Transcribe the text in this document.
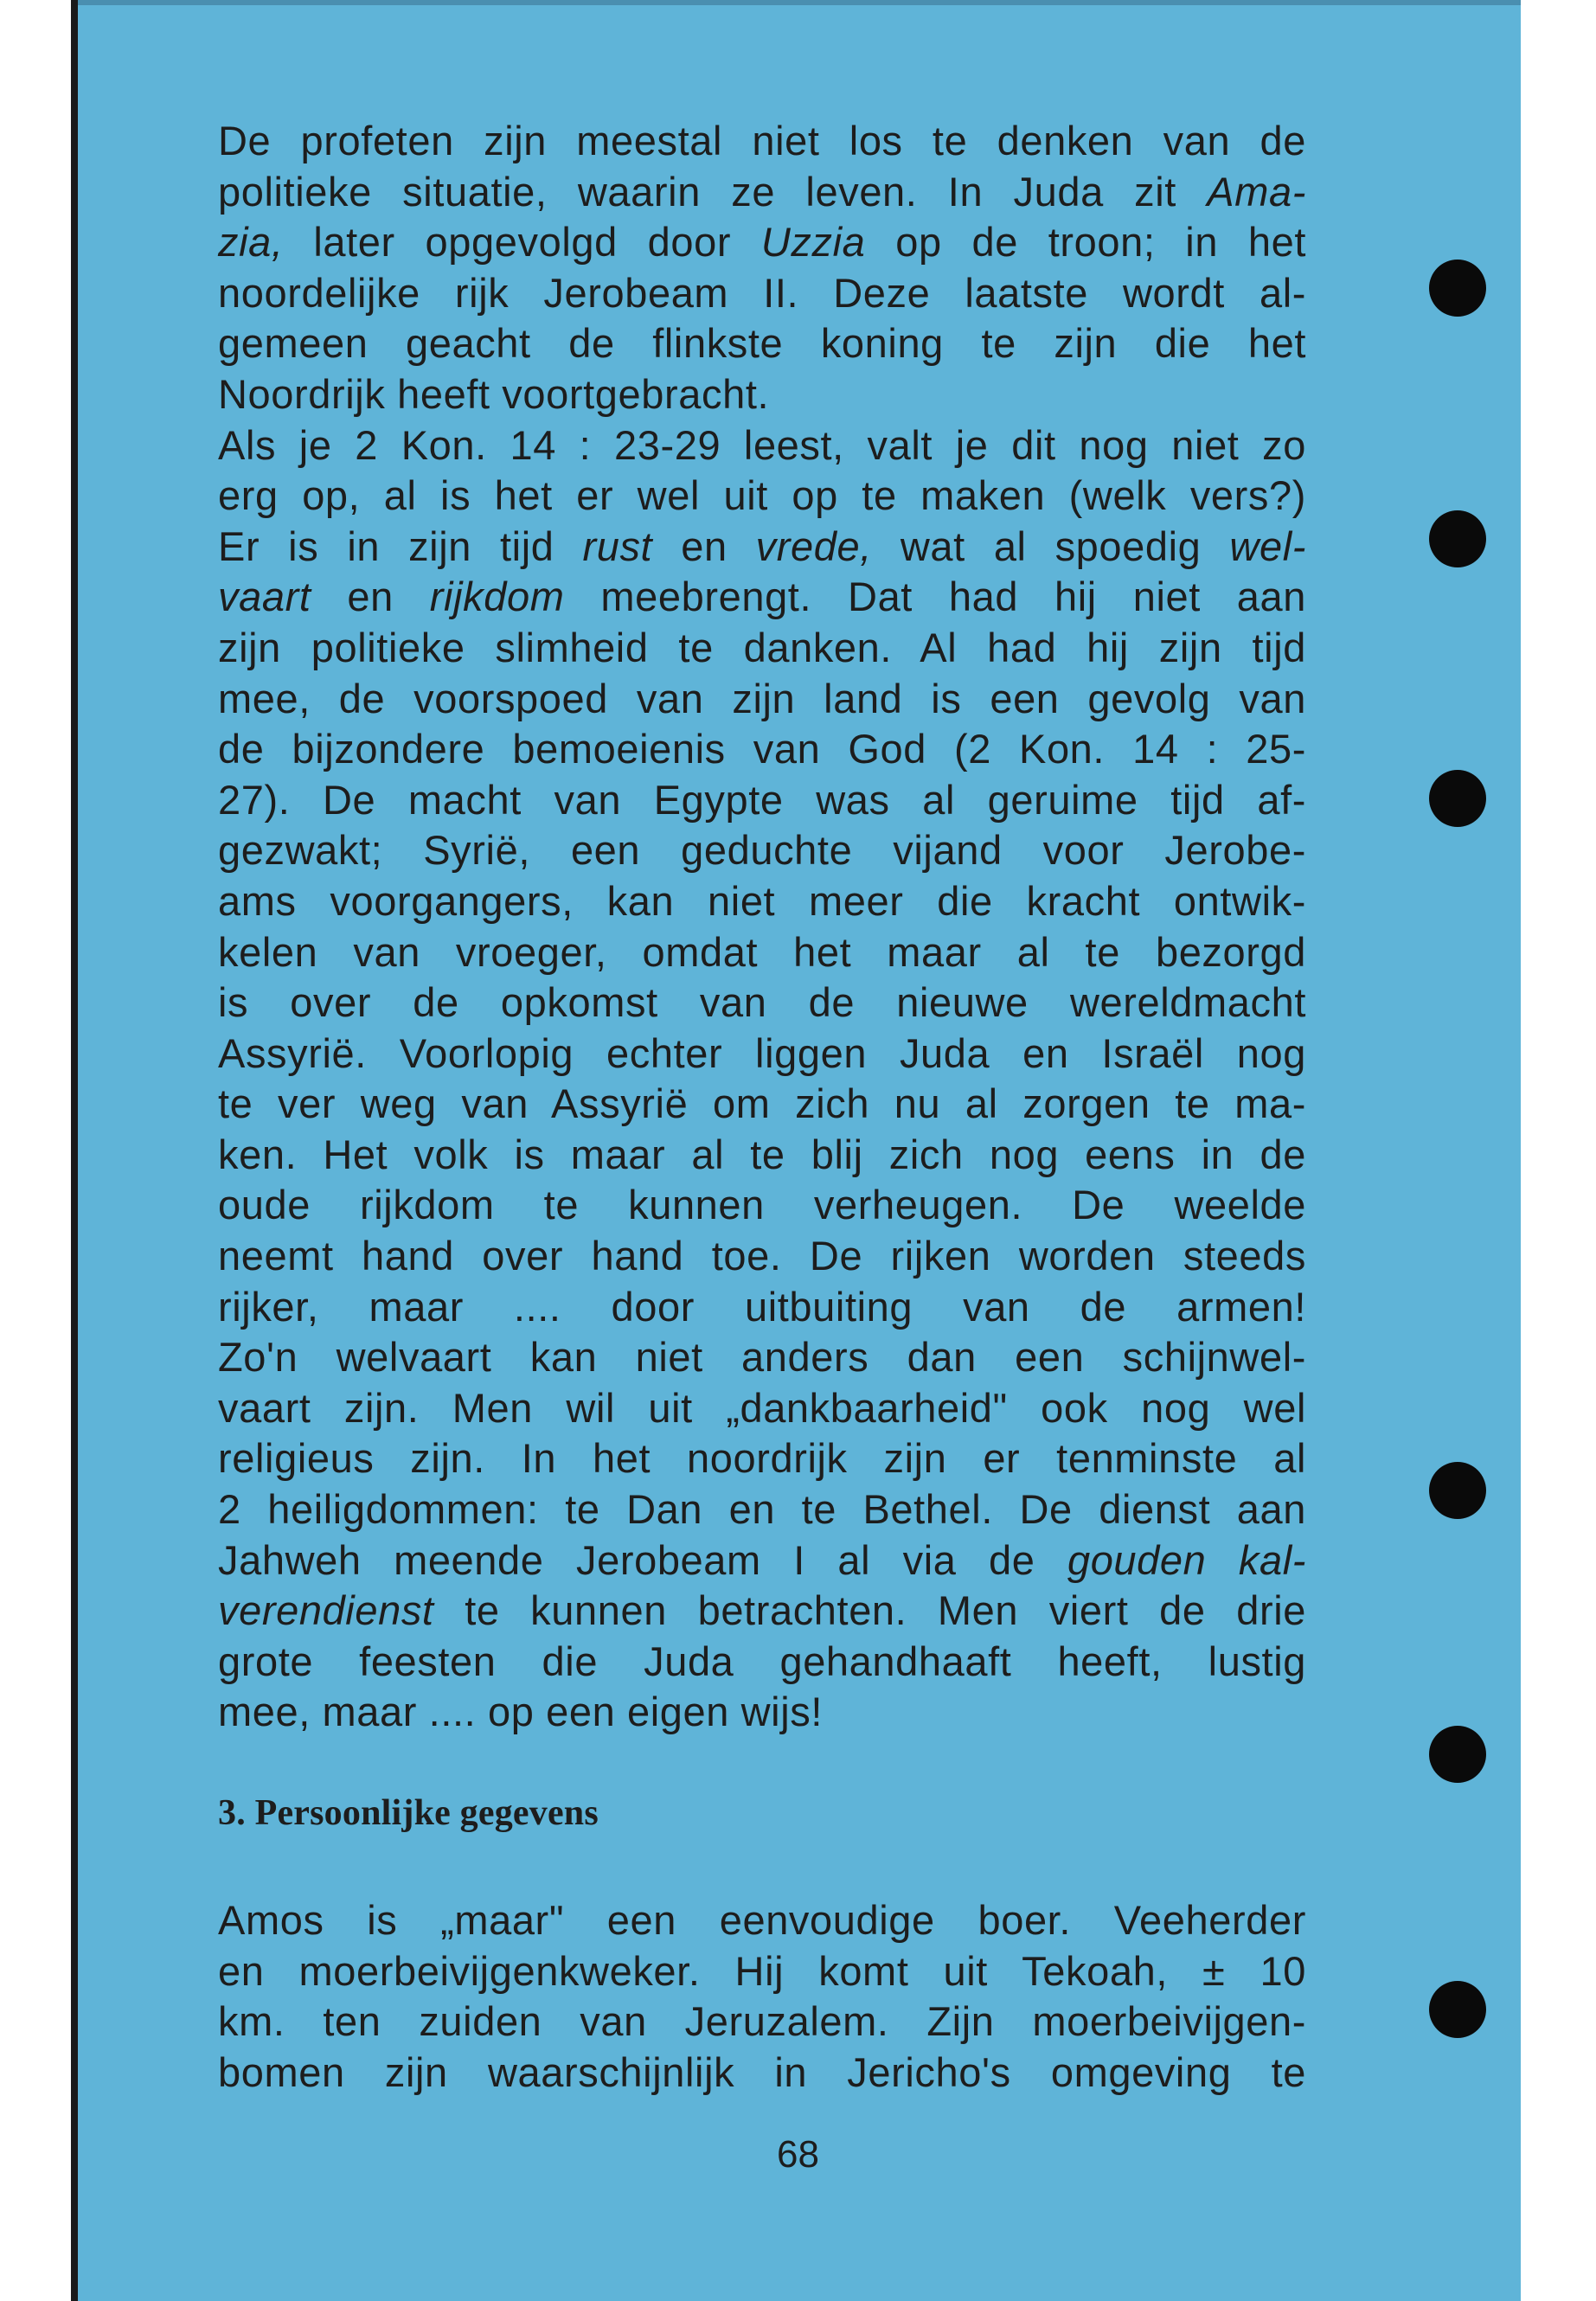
De profeten zijn meestal niet los te denken van de
politieke situatie, waarin ze leven. In Juda zit Ama-
zia, later opgevolgd door Uzzia op de troon; in het
noordelijke rijk Jerobeam II. Deze laatste wordt al-
gemeen geacht de flinkste koning te zijn die het
Noordrijk heeft voortgebracht.
Als je 2 Kon. 14 : 23-29 leest, valt je dit nog niet zo
erg op, al is het er wel uit op te maken (welk vers?)
Er is in zijn tijd rust en vrede, wat al spoedig wel-
vaart en rijkdom meebrengt. Dat had hij niet aan
zijn politieke slimheid te danken. Al had hij zijn tijd
mee, de voorspoed van zijn land is een gevolg van
de bijzondere bemoeienis van God (2 Kon. 14 : 25-
27). De macht van Egypte was al geruime tijd af-
gezwakt; Syrië, een geduchte vijand voor Jerobe-
ams voorgangers, kan niet meer die kracht ontwik-
kelen van vroeger, omdat het maar al te bezorgd
is over de opkomst van de nieuwe wereldmacht
Assyrië. Voorlopig echter liggen Juda en Israël nog
te ver weg van Assyrië om zich nu al zorgen te ma-
ken. Het volk is maar al te blij zich nog eens in de
oude rijkdom te kunnen verheugen. De weelde
neemt hand over hand toe. De rijken worden steeds
rijker, maar .... door uitbuiting van de armen!
Zo'n welvaart kan niet anders dan een schijnwel-
vaart zijn. Men wil uit „dankbaarheid" ook nog wel
religieus zijn. In het noordrijk zijn er tenminste al
2 heiligdommen: te Dan en te Bethel. De dienst aan
Jahweh meende Jerobeam I al via de gouden kal-
verendienst te kunnen betrachten. Men viert de drie
grote feesten die Juda gehandhaaft heeft, lustig
mee, maar .... op een eigen wijs!
3. Persoonlijke gegevens
Amos is „maar" een eenvoudige boer. Veeherder
en moerbeivijgenkweker. Hij komt uit Tekoah, ± 10
km. ten zuiden van Jeruzalem. Zijn moerbeivijgen-
bomen zijn waarschijnlijk in Jericho's omgeving te
68
